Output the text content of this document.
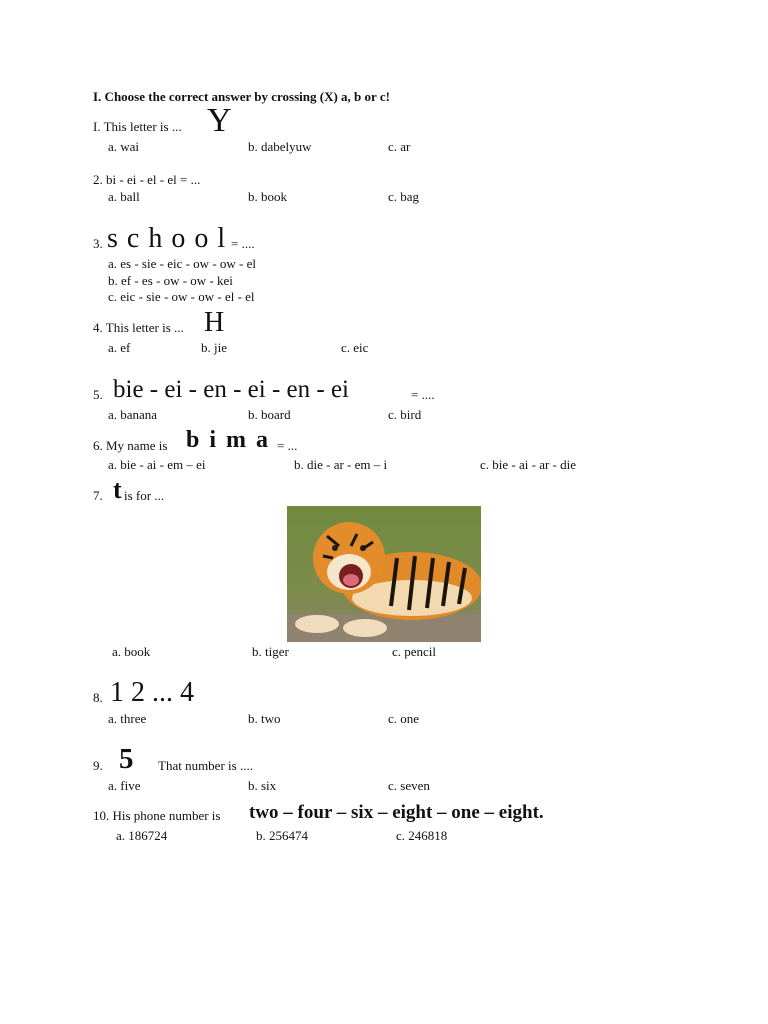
I. Choose the correct answer by crossing (X) a, b or c!
I. This letter is ... Y
a. wai	b. dabelyuw	c. ar
2. bi - ei - el - el = ...
a. ball	b. book	c. bag
3. s c h o o l = ....
a. es - sie - eic - ow - ow - el
b. ef - es - ow - ow - kei
c. eic - sie - ow - ow - el - el
4. This letter is ... H
a. ef	b. jie	c. eic
5. bie - ei - en - ei - en - ei	= ....
a. banana	b. board	c. bird
6. My name is b i m a = ...
a. bie - ai - em – ei	b. die - ar - em – i	c. bie - ai - ar - die
7. t is for ...
a. book	b. tiger	c. pencil
8. 1 2 ... 4
a. three	b. two	c. one
9. 5 That number is ....
a. five	b. six	c. seven
10. His phone number is two – four – six – eight – one – eight.
a. 186724	b. 256474	c. 246818
